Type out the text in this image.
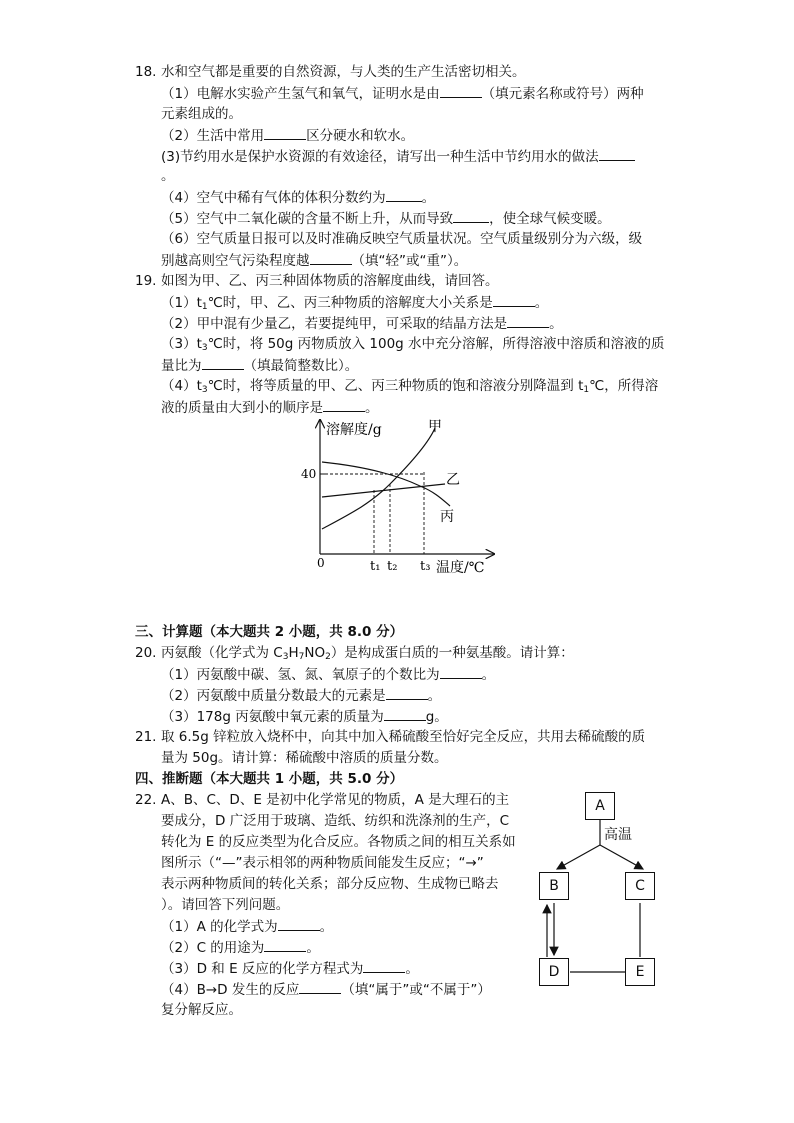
18. 水和空气都是重要的自然资源，与人类的生产生活密切相关。
（1）电解水实验产生氢气和氧气，证明水是由	（填元素名称或符号）两种
元素组成的。
（2）生活中常用	区分硬水和软水。
(3)节约用水是保护水资源的有效途径，请写出一种生活中节约用水的做法
。
（4）空气中稀有气体的体积分数约为	。
（5）空气中二氧化碳的含量不断上升，从而导致	，使全球气候变暖。
（6）空气质量日报可以及时准确反映空气质量状况。空气质量级别分为六级，级
别越高则空气污染程度越	（填“轻”或“重”）。
19. 如图为甲、乙、丙三种固体物质的溶解度曲线，请回答。
$(1)t_1℃$时，甲、乙、丙三种物质的溶解度大小关系是	。
（2）甲中混有少量乙，若要提纯甲，可采取的结晶方法是	。
$(3)t_3℃$时，将 50g 丙物质放入 100g 水中充分溶解，所得溶液中溶质和溶液的质
量比为	（填最简整数比）。
$(4)t_3℃$时，将等质量的甲、乙、丙三种物质的饱和溶液分别降温到 $t_1℃$，所得溶
液的质量由大到小的顺序是	。
溶解度/g
0
40
甲
乙
丙
t₁ t₂ t₃ 温度/℃
三、计算题（本大题共 2 小题，共 8.0 分）
20. 丙氨酸（化学式为 $C_3H_7NO_2$）是构成蛋白质的一种氨基酸。请计算：
（1）丙氨酸中碳、氢、氮、氧原子的个数比为	。
（2）丙氨酸中质量分数最大的元素是	。
（3）178g 丙氨酸中氧元素的质量为	g。
21. 取 6.5g 锌粒放入烧杯中，向其中加入稀硫酸至恰好完全反应，共用去稀硫酸的质
量为 50g。请计算：稀硫酸中溶质的质量分数。
四、推断题（本大题共 1 小题，共 5.0 分）
22. A、B、C、D、E 是初中化学常见的物质，A 是大理石的主
要成分，D 广泛用于玻璃、造纸、纺织和洗涤剂的生产，C
转化为 E 的反应类型为化合反应。各物质之间的相互关系如
图所示（“—”表示相邻的两种物质间能发生反应；“→”
表示两种物质间的转化关系；部分反应物、生成物已略去
）。请回答下列问题。
（1）A 的化学式为	。
（2）C 的用途为	。
（3）D 和 E 反应的化学方程式为	。
（4）B→D 发生的反应	（填“属于”或“不属于”）
复分解反应。
A
高温
B	C
D	E
